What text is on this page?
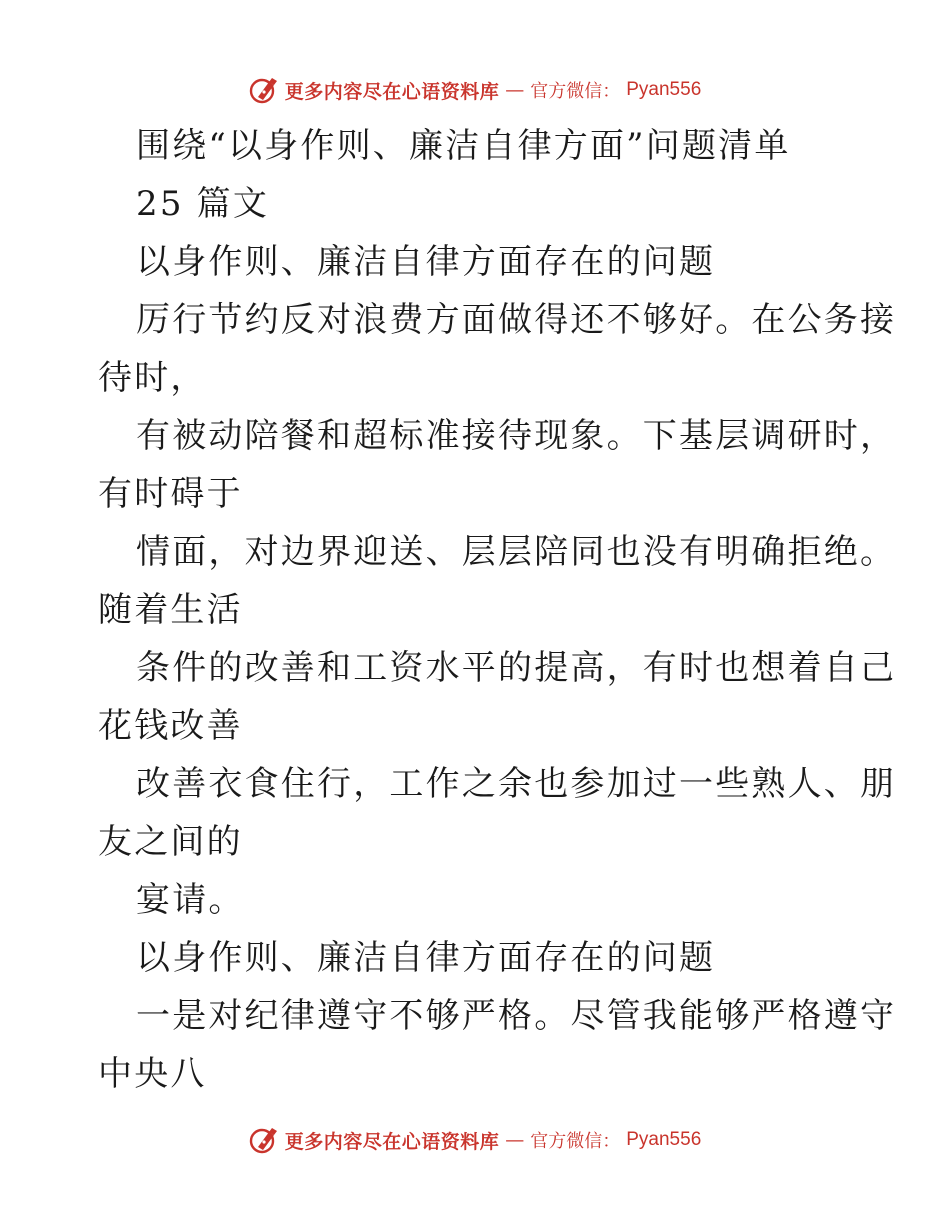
更多内容尽在心语资料库 — 官方微信： Pyan556
围绕“以身作则、廉洁自律方面”问题清单
25 篇文
以身作则、廉洁自律方面存在的问题
厉行节约反对浪费方面做得还不够好。在公务接
待时，
有被动陪餐和超标准接待现象。下基层调研时，
有时碍于
情面，对边界迎送、层层陪同也没有明确拒绝。
随着生活
条件的改善和工资水平的提高，有时也想着自己
花钱改善
改善衣食住行，工作之余也参加过一些熟人、朋
友之间的
宴请。
以身作则、廉洁自律方面存在的问题
一是对纪律遵守不够严格。尽管我能够严格遵守
中央八
更多内容尽在心语资料库 — 官方微信： Pyan556
